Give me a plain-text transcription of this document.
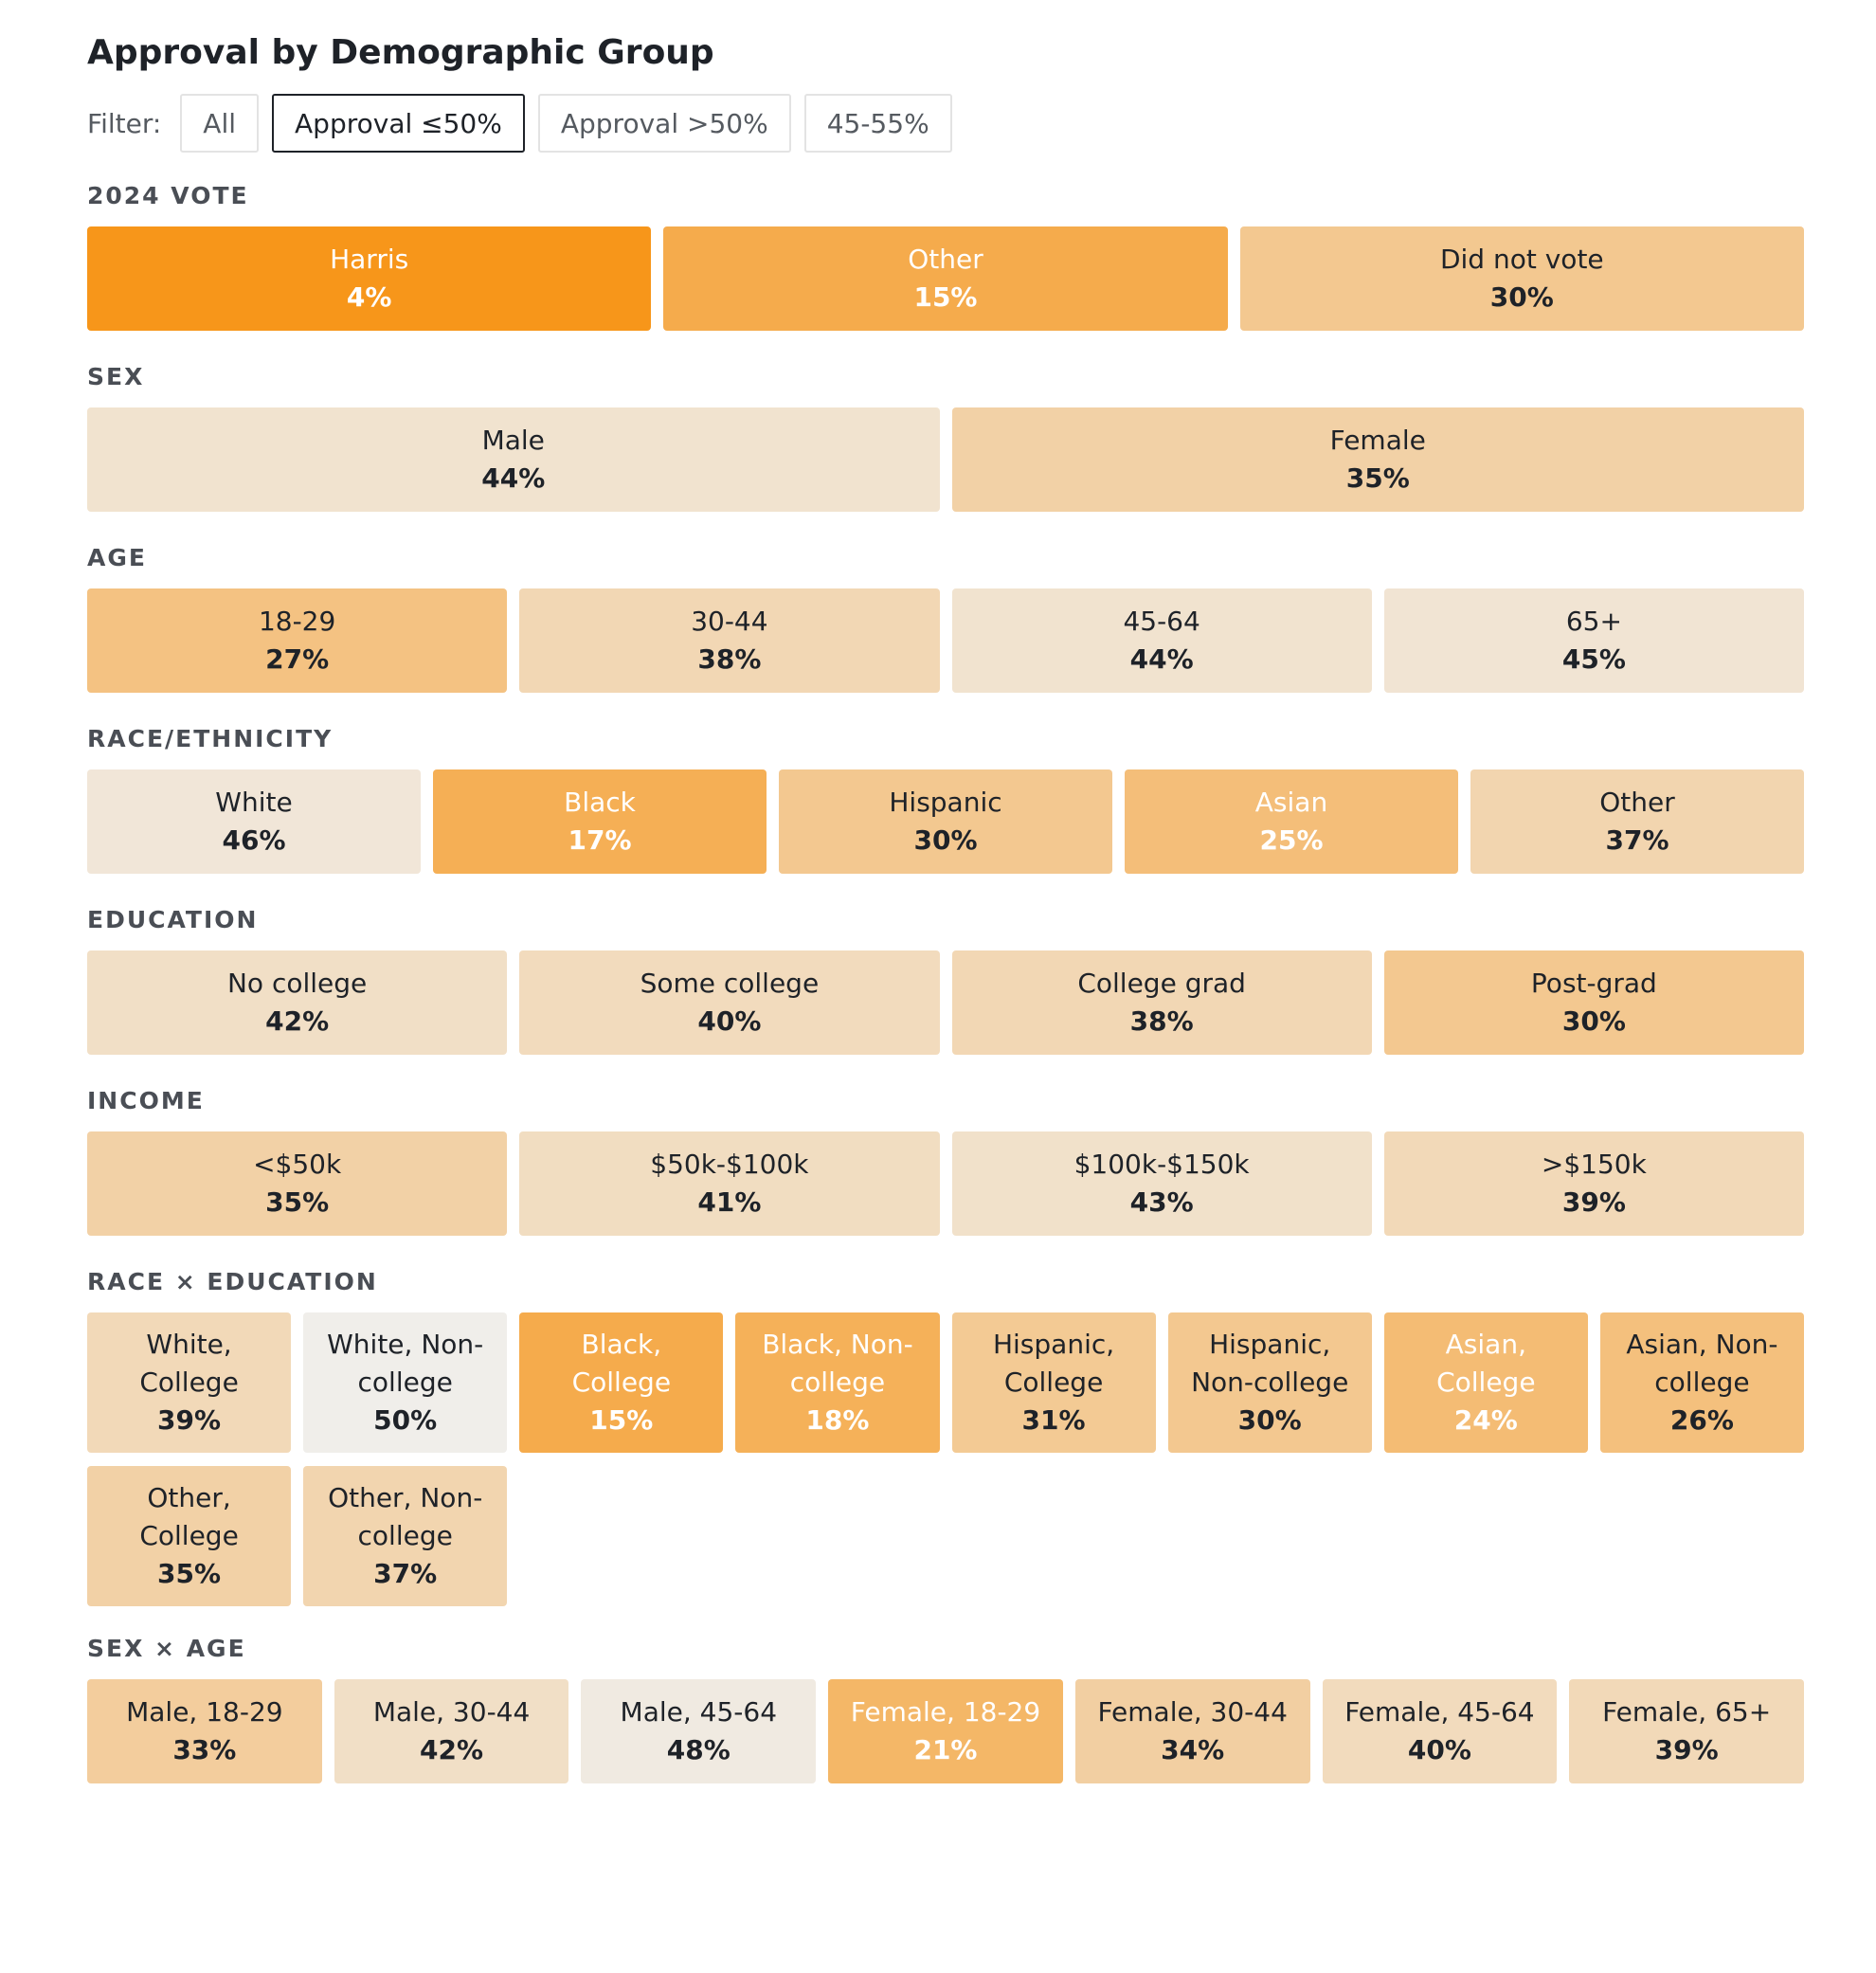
Approval by Demographic Group
Filter:	All	Approval ≤50%	Approval >50%	45-55%
2024 VOTE
Harris
4%
Other
15%
Did not vote
30%
SEX
Male
44%
Female
35%
AGE
18-29
27%
30-44
38%
45-64
44%
65+
45%
RACE/ETHNICITY
White
46%
Black
17%
Hispanic
30%
Asian
25%
Other
37%
EDUCATION
No college
42%
Some college
40%
College grad
38%
Post-grad
30%
INCOME
<$50k
35%
$50k-$100k
41%
$100k-$150k
43%
>$150k
39%
RACE × EDUCATION
White, College
39%
White, Non-college
50%
Black, College
15%
Black, Non-college
18%
Hispanic, College
31%
Hispanic, Non-college
30%
Asian, College
24%
Asian, Non-college
26%
Other, College
35%
Other, Non-college
37%
SEX × AGE
Male, 18-29
33%
Male, 30-44
42%
Male, 45-64
48%
Female, 18-29
21%
Female, 30-44
34%
Female, 45-64
40%
Female, 65+
39%
